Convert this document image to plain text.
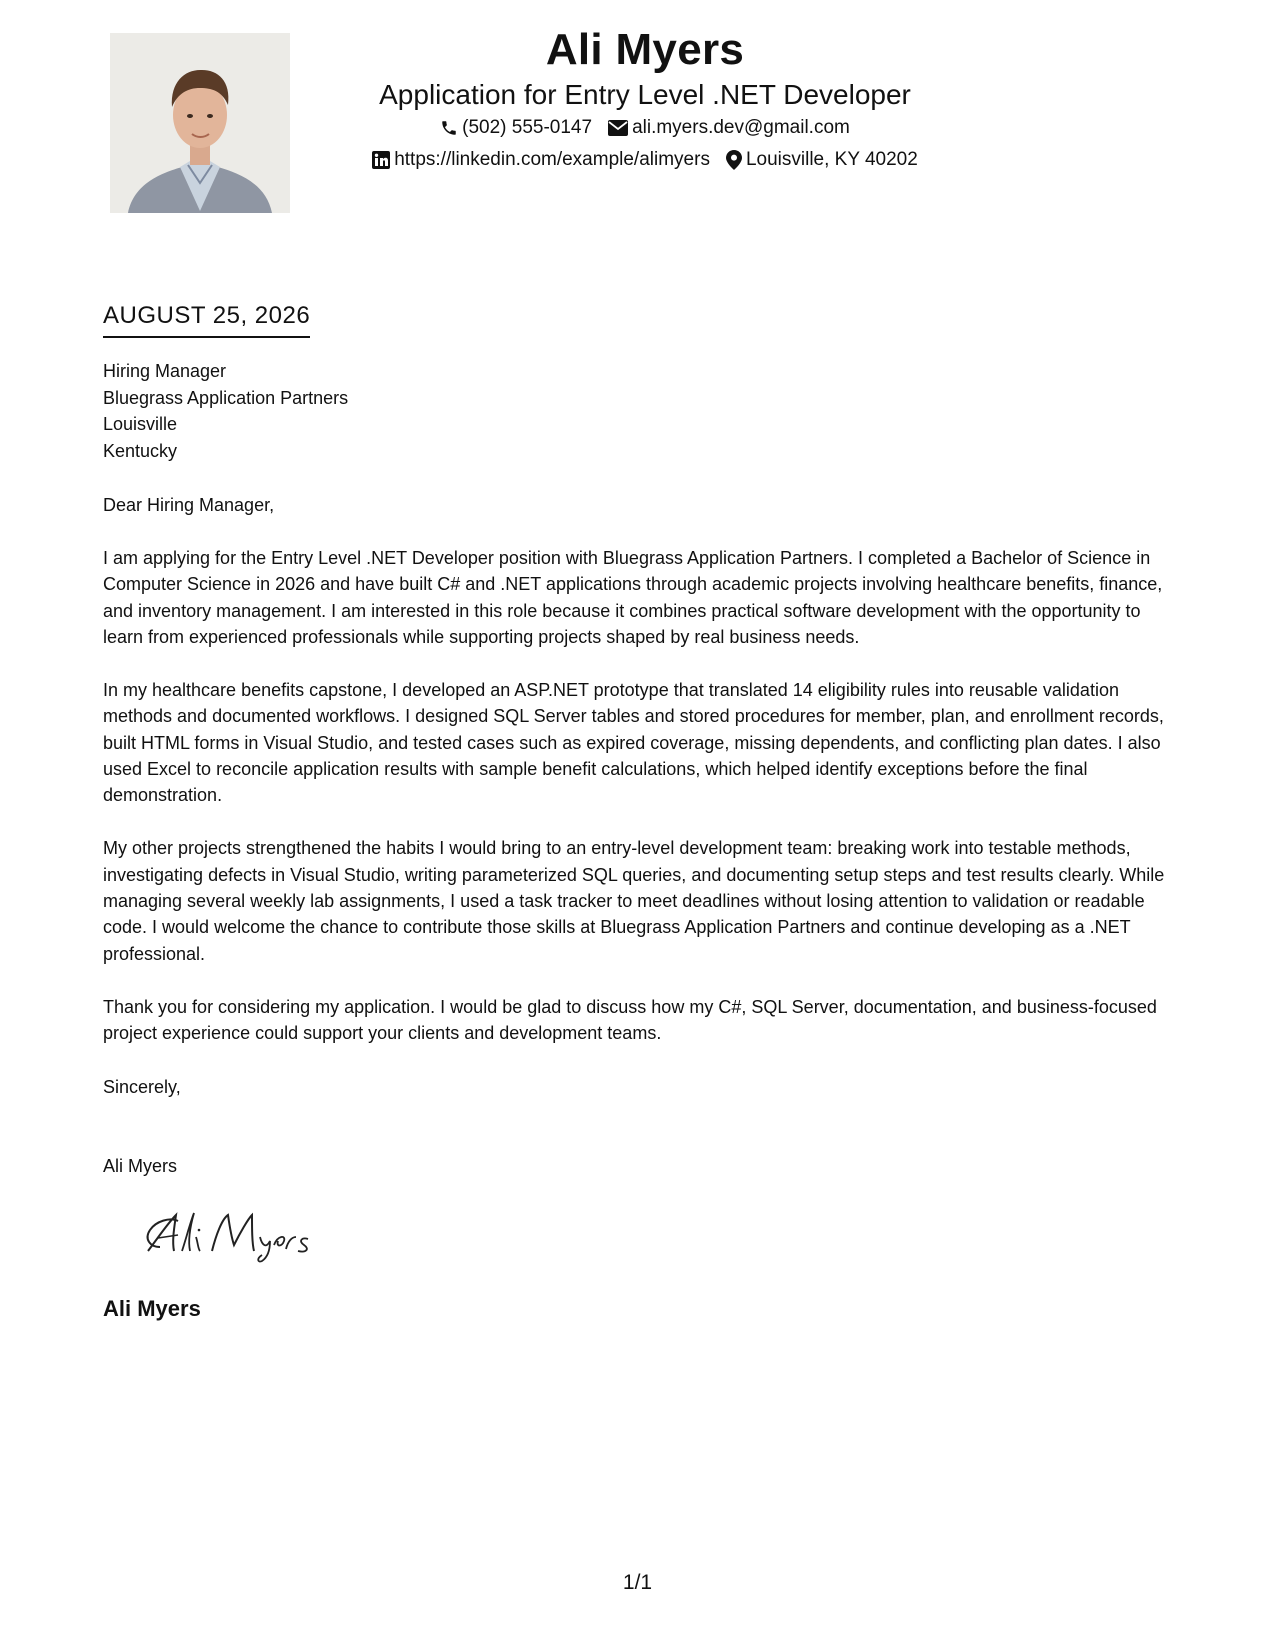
Ali Myers
Application for Entry Level .NET Developer
(502) 555-0147 ali.myers.dev@gmail.com
https://linkedin.com/example/alimyers Louisville, KY 40202
AUGUST 25, 2026
Hiring Manager
Bluegrass Application Partners
Louisville
Kentucky

Dear Hiring Manager,

I am applying for the Entry Level .NET Developer position with Bluegrass Application Partners. I completed a Bachelor of Science in Computer Science in 2026 and have built C# and .NET applications through academic projects involving healthcare benefits, finance, and inventory management. I am interested in this role because it combines practical software development with the opportunity to learn from experienced professionals while supporting projects shaped by real business needs.

In my healthcare benefits capstone, I developed an ASP.NET prototype that translated 14 eligibility rules into reusable validation methods and documented workflows. I designed SQL Server tables and stored procedures for member, plan, and enrollment records, built HTML forms in Visual Studio, and tested cases such as expired coverage, missing dependents, and conflicting plan dates. I also used Excel to reconcile application results with sample benefit calculations, which helped identify exceptions before the final demonstration.

My other projects strengthened the habits I would bring to an entry-level development team: breaking work into testable methods, investigating defects in Visual Studio, writing parameterized SQL queries, and documenting setup steps and test results clearly. While managing several weekly lab assignments, I used a task tracker to meet deadlines without losing attention to validation or readable code. I would welcome the chance to contribute those skills at Bluegrass Application Partners and continue developing as a .NET professional.

Thank you for considering my application. I would be glad to discuss how my C#, SQL Server, documentation, and business-focused project experience could support your clients and development teams.

Sincerely,
Ali Myers
Ali Myers
1/1
